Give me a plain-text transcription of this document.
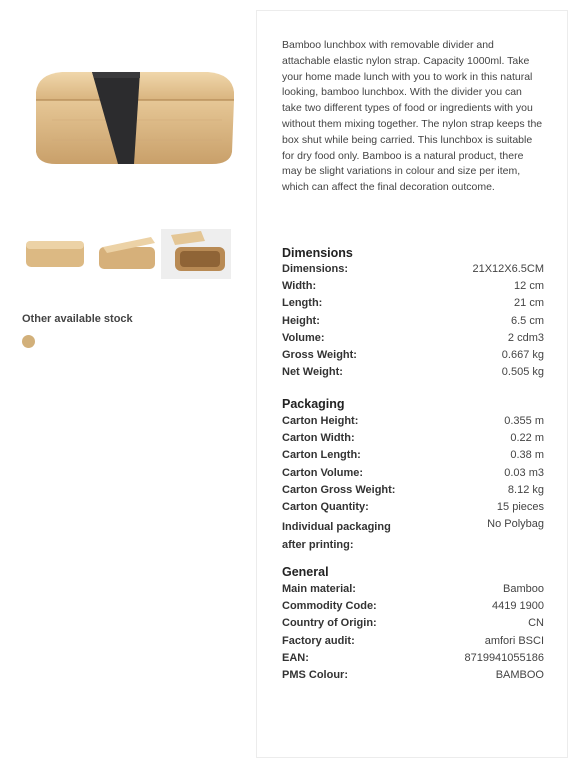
Other available stock
Bamboo lunchbox with removable divider and attachable elastic nylon strap. Capacity 1000ml. Take your home made lunch with you to work in this natural looking, bamboo lunchbox. With the divider you can take two different types of food or ingredients with you without them mixing together. The nylon strap keeps the box shut while being carried. This lunchbox is suitable for dry food only. Bamboo is a natural product, there may be slight variations in colour and size per item, which can affect the final decoration outcome.
Dimensions
Dimensions:	21X12X6.5CM
Width:	12 cm
Length:	21 cm
Height:	6.5 cm
Volume:	2 cdm3
Gross Weight:	0.667 kg
Net Weight:	0.505 kg
Packaging
Carton Height:	0.355 m
Carton Width:	0.22 m
Carton Length:	0.38 m
Carton Volume:	0.03 m3
Carton Gross Weight:	8.12 kg
Carton Quantity:	15 pieces
Individual packaging after printing:
No Polybag
General
Main material:	Bamboo
Commodity Code:	4419 1900
Country of Origin:	CN
Factory audit:	amfori BSCI
EAN:	8719941055186
PMS Colour:	BAMBOO
